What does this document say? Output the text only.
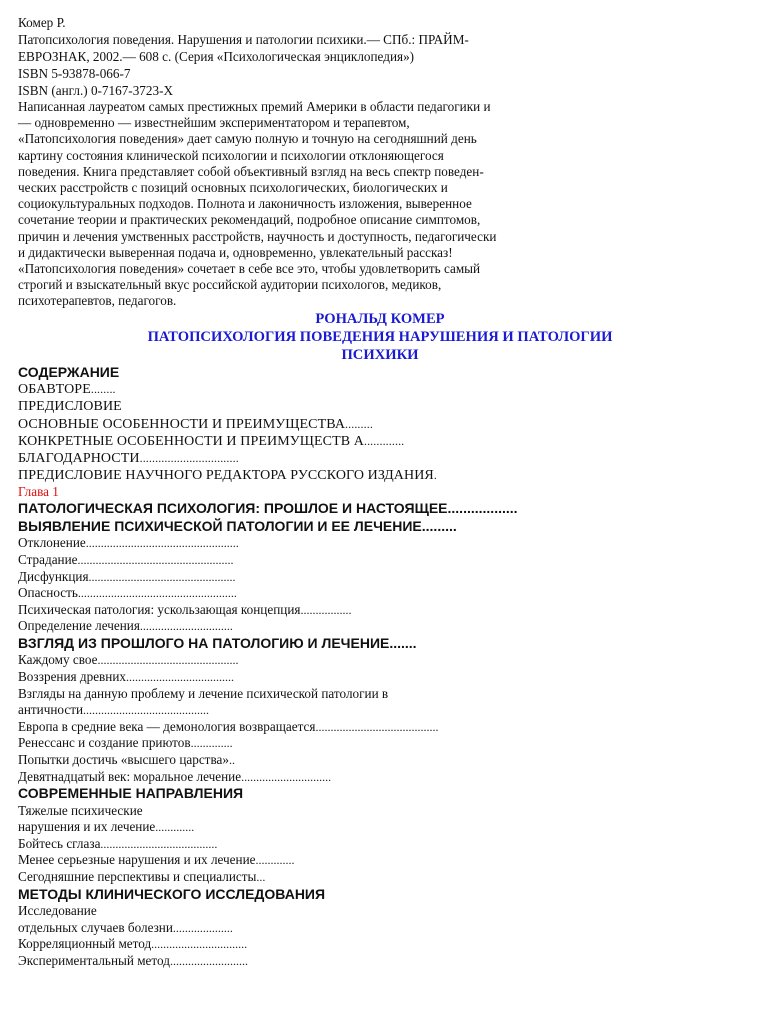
Комер Р.
Патопсихология поведения. Нарушения и патологии психики.— СПб.: ПРАЙМ-
ЕВРОЗНАК, 2002.— 608 с. (Серия «Психологическая энциклопедия»)
ISBN 5-93878-066-7
ISBN (англ.) 0-7167-3723-X
Написанная лауреатом самых престижных премий Америки в области педагогики и
— одновременно — известнейшим экспериментатором и терапевтом,
«Патопсихология поведения» дает самую полную и точную на сегодняшний день
картину состояния клинической психологии и психологии отклоняющегося
поведения. Книга представляет собой объективный взгляд на весь спектр поведен-
ческих расстройств с позиций основных психологических, биологических и
социокультуральных подходов. Полнота и лаконичность изложения, выверенное
сочетание теории и практических рекомендаций, подробное описание симптомов,
причин и лечения умственных расстройств, научность и доступность, педагогически
и дидактически выверенная подача и, одновременно, увлекательный рассказ!
«Патопсихология поведения» сочетает в себе все это, чтобы удовлетворить самый
строгий и взыскательный вкус российской аудитории психологов, медиков,
психотерапевтов, педагогов.
РОНАЛЬД КОМЕР
ПАТОПСИХОЛОГИЯ ПОВЕДЕНИЯ НАРУШЕНИЯ И ПАТОЛОГИИ
ПСИХИКИ
СОДЕРЖАНИЕ
ОБАВТОРЕ........
ПРЕДИСЛОВИЕ
ОСНОВНЫЕ ОСОБЕННОСТИ И ПРЕИМУЩЕСТВА.........
КОНКРЕТНЫЕ ОСОБЕННОСТИ И ПРЕИМУЩЕСТВ А.............
БЛАГОДАРНОСТИ................................
ПРЕДИСЛОВИЕ НАУЧНОГО РЕДАКТОРА РУССКОГО ИЗДАНИЯ.
Глава 1
ПАТОЛОГИЧЕСКАЯ ПСИХОЛОГИЯ: ПРОШЛОЕ И НАСТОЯЩЕЕ..................
ВЫЯВЛЕНИЕ ПСИХИЧЕСКОЙ ПАТОЛОГИИ И ЕЕ ЛЕЧЕНИЕ.........
Отклонение...................................................
Страдание....................................................
Дисфункция.................................................
Опасность.....................................................
Психическая патология: ускользающая концепция.................
Определение лечения...............................
ВЗГЛЯД ИЗ ПРОШЛОГО НА ПАТОЛОГИЮ И ЛЕЧЕНИЕ.......
Каждому свое...............................................
Воззрения древних....................................
Взгляды на данную проблему и лечение психической патологии в
античности..........................................
Европа в средние века — демонология возвращается.........................................
Ренессанс и создание приютов..............
Попытки достичь «высшего царства»..
Девятнадцатый век: моральное лечение..............................
СОВРЕМЕННЫЕ НАПРАВЛЕНИЯ
Тяжелые психические
нарушения и их лечение.............
Бойтесь сглаза.......................................
Менее серьезные нарушения и их лечение.............
Сегодняшние перспективы и специалисты...
МЕТОДЫ КЛИНИЧЕСКОГО ИССЛЕДОВАНИЯ
Исследование
отдельных случаев болезни....................
Корреляционный метод................................
Экспериментальный метод..........................
